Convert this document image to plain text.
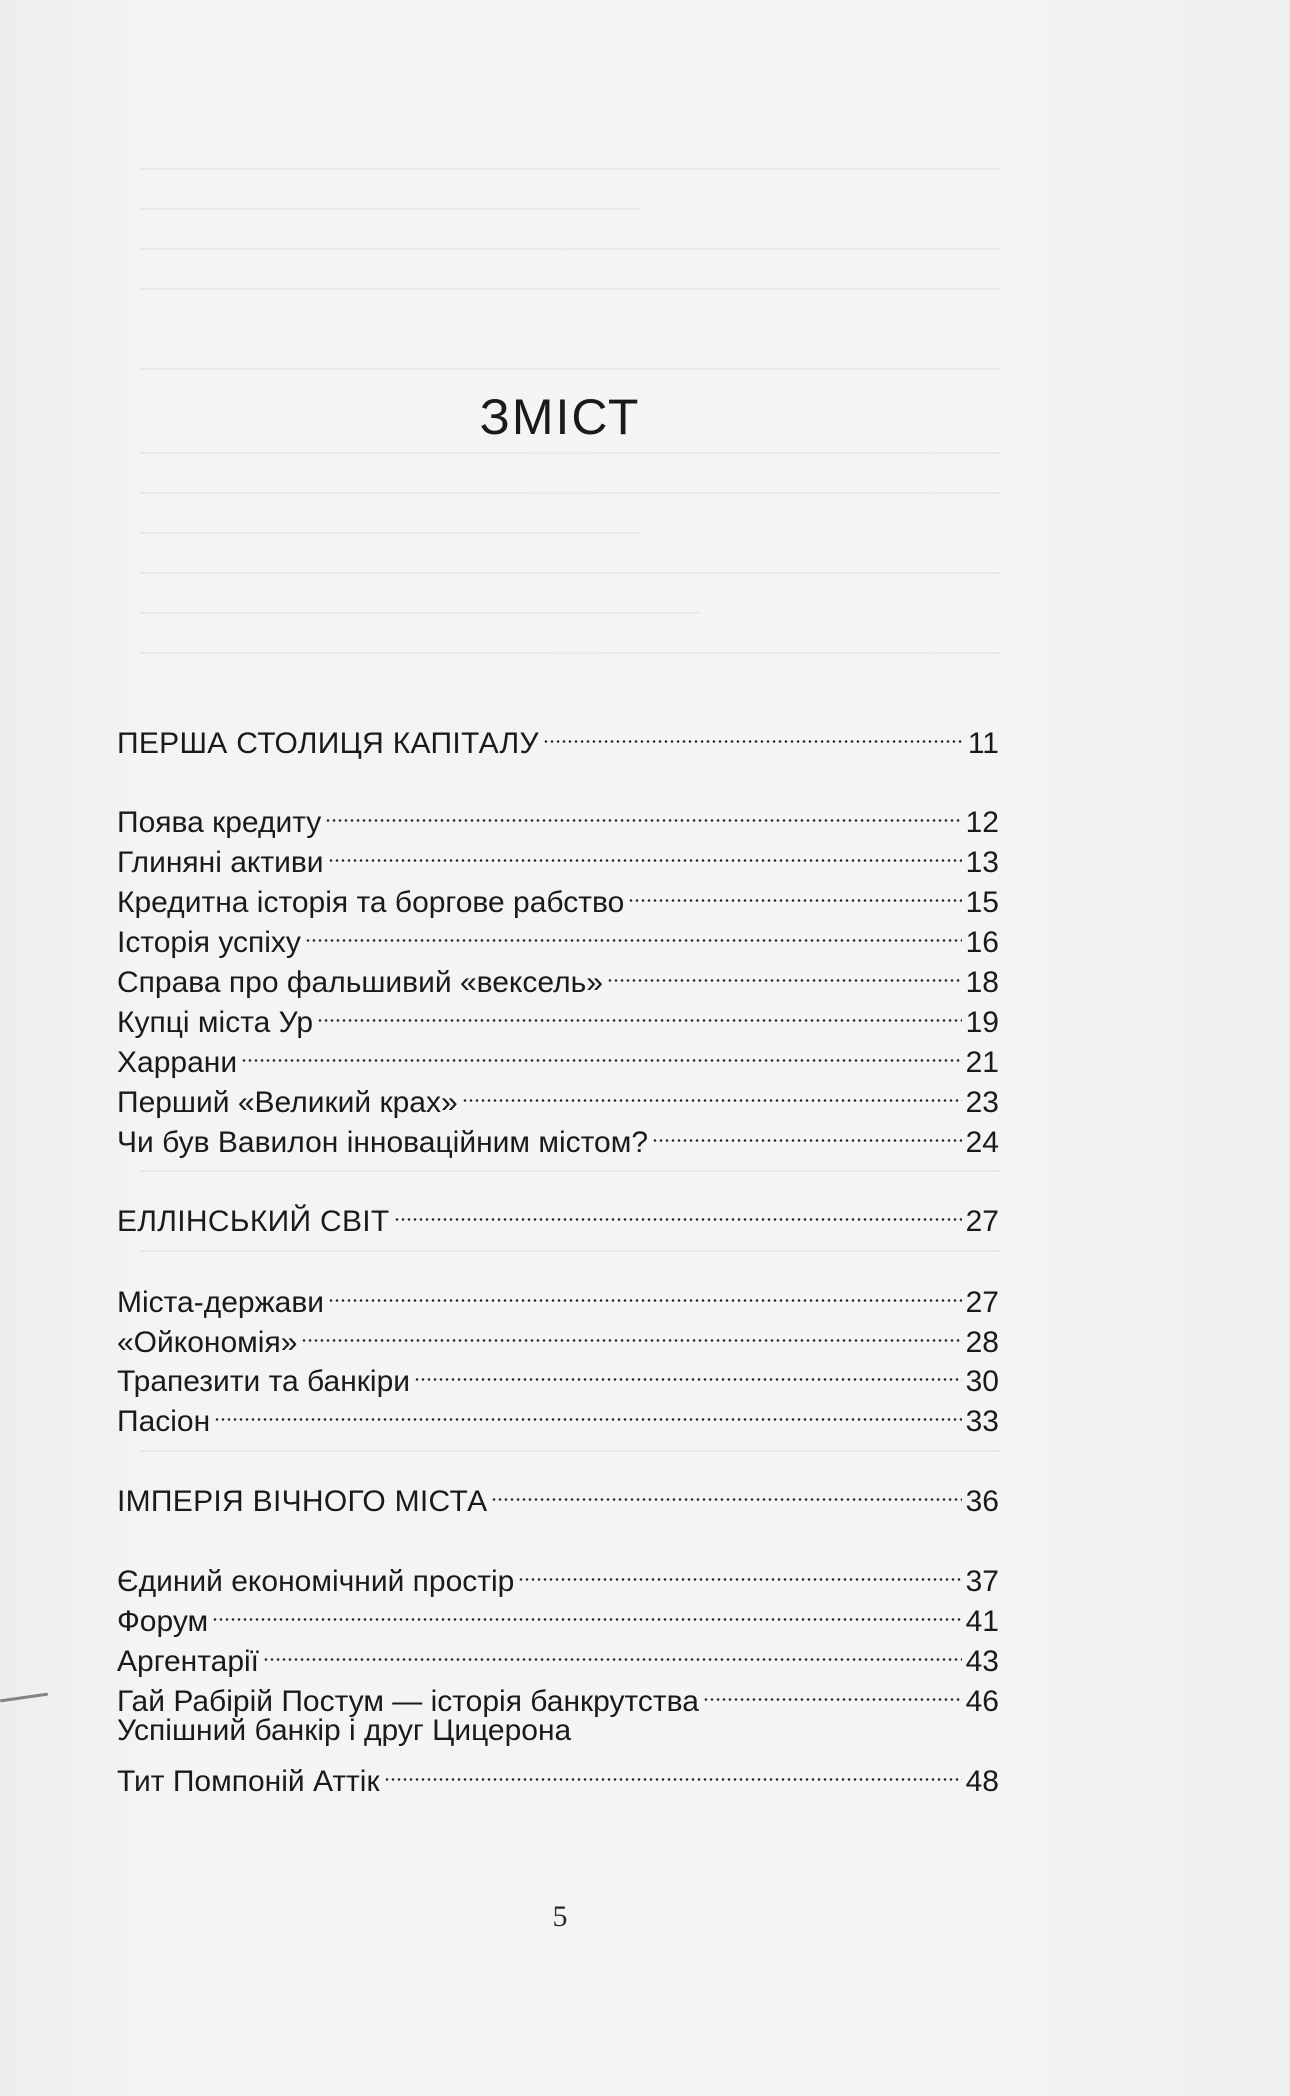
ЗМІСТ
ПЕРША СТОЛИЦЯ КАПІТАЛУ	11
Поява кредиту	12
Глиняні активи	13
Кредитна історія та боргове рабство	15
Історія успіху	16
Справа про фальшивий «вексель»	18
Купці міста Ур	19
Харрани	21
Перший «Великий крах»	23
Чи був Вавилон інноваційним містом?	24
ЕЛЛІНСЬКИЙ СВІТ	27
Міста-держави	27
«Ойкономія»	28
Трапезити та банкіри	30
Пасіон	33
ІМПЕРІЯ ВІЧНОГО МІСТА	36
Єдиний економічний простір	37
Форум	41
Аргентарії	43
Гай Рабірій Постум — історія банкрутства	46
Успішний банкір і друг Цицерона
Тит Помпоній Аттік	48
5
